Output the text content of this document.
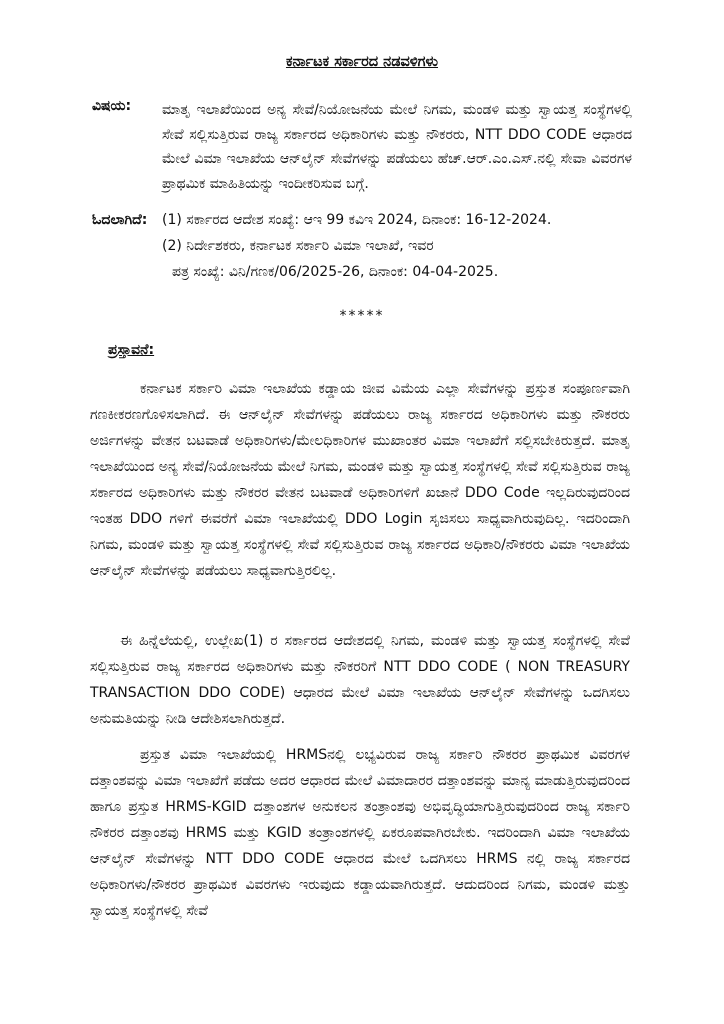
ಕರ್ನಾಟಕ ಸರ್ಕಾರದ ನಡವಳಿಗಳು
ವಿಷಯ: ಮಾತೃ ಇಲಾಖೆಯಿಂದ ಅನ್ಯ ಸೇವೆ/ನಿಯೋಜನೆಯ ಮೇಲೆ ನಿಗಮ, ಮಂಡಳಿ ಮತ್ತು ಸ್ವಾಯತ್ತ ಸಂಸ್ಥೆಗಳಲ್ಲಿ ಸೇವೆ ಸಲ್ಲಿಸುತ್ತಿರುವ ರಾಜ್ಯ ಸರ್ಕಾರದ ಅಧಿಕಾರಿಗಳು ಮತ್ತು ನೌಕರರು, NTT DDO CODE ಆಧಾರದ ಮೇಲೆ ವಿಮಾ ಇಲಾಖೆಯ ಆನ್‌ಲೈನ್ ಸೇವೆಗಳನ್ನು ಪಡೆಯಲು ಹೆಚ್.ಆರ್.ಎಂ.ಎಸ್.ನಲ್ಲಿ ಸೇವಾ ವಿವರಗಳ ಪ್ರಾಥಮಿಕ ಮಾಹಿತಿಯನ್ನು ಇಂದೀಕರಿಸುವ ಬಗ್ಗೆ.
ಓದಲಾಗಿದೆ: (1) ಸರ್ಕಾರದ ಆದೇಶ ಸಂಖ್ಯೆ: ಆಇ 99 ಕವಿಇ 2024, ದಿನಾಂಕ: 16-12-2024.
(2) ನಿರ್ದೇಶಕರು, ಕರ್ನಾಟಕ ಸರ್ಕಾರಿ ವಿಮಾ ಇಲಾಖೆ, ಇವರ
ಪತ್ರ ಸಂಖ್ಯೆ: ವಿನಿ/ಗಣಕ/06/2025-26, ದಿನಾಂಕ: 04-04-2025.
*****
ಪ್ರಸ್ತಾವನೆ:
ಕರ್ನಾಟಕ ಸರ್ಕಾರಿ ವಿಮಾ ಇಲಾಖೆಯ ಕಡ್ಡಾಯ ಜೀವ ವಿಮೆಯ ಎಲ್ಲಾ ಸೇವೆಗಳನ್ನು ಪ್ರಸ್ತುತ ಸಂಪೂರ್ಣವಾಗಿ ಗಣಕೀಕರಣಗೊಳಿಸಲಾಗಿದೆ. ಈ ಆನ್‌ಲೈನ್ ಸೇವೆಗಳನ್ನು ಪಡೆಯಲು ರಾಜ್ಯ ಸರ್ಕಾರದ ಅಧಿಕಾರಿಗಳು ಮತ್ತು ನೌಕರರು ಅರ್ಜಿಗಳನ್ನು ವೇತನ ಬಟವಾಡೆ ಅಧಿಕಾರಿಗಳು/ಮೇಲಧಿಕಾರಿಗಳ ಮುಖಾಂತರ ವಿಮಾ ಇಲಾಖೆಗೆ ಸಲ್ಲಿಸಬೇಕಿರುತ್ತದೆ. ಮಾತೃ ಇಲಾಖೆಯಿಂದ ಅನ್ಯ ಸೇವೆ/ನಿಯೋಜನೆಯ ಮೇಲೆ ನಿಗಮ, ಮಂಡಳಿ ಮತ್ತು ಸ್ವಾಯತ್ತ ಸಂಸ್ಥೆಗಳಲ್ಲಿ ಸೇವೆ ಸಲ್ಲಿಸುತ್ತಿರುವ ರಾಜ್ಯ ಸರ್ಕಾರದ ಅಧಿಕಾರಿಗಳು ಮತ್ತು ನೌಕರರ ವೇತನ ಬಟವಾಡೆ ಅಧಿಕಾರಿಗಳಿಗೆ ಖಜಾನೆ DDO Code ಇಲ್ಲದಿರುವುದರಿಂದ ಇಂತಹ DDO ಗಳಿಗೆ ಈವರೆಗೆ ವಿಮಾ ಇಲಾಖೆಯಲ್ಲಿ DDO Login ಸೃಜಿಸಲು ಸಾಧ್ಯವಾಗಿರುವುದಿಲ್ಲ. ಇದರಿಂದಾಗಿ ನಿಗಮ, ಮಂಡಳಿ ಮತ್ತು ಸ್ವಾಯತ್ತ ಸಂಸ್ಥೆಗಳಲ್ಲಿ ಸೇವೆ ಸಲ್ಲಿಸುತ್ತಿರುವ ರಾಜ್ಯ ಸರ್ಕಾರದ ಅಧಿಕಾರಿ/ನೌಕರರು ವಿಮಾ ಇಲಾಖೆಯ ಆನ್‌ಲೈನ್ ಸೇವೆಗಳನ್ನು ಪಡೆಯಲು ಸಾಧ್ಯವಾಗುತ್ತಿರಲಿಲ್ಲ.
ಈ ಹಿನ್ನೆಲೆಯಲ್ಲಿ, ಉಲ್ಲೇಖ(1) ರ ಸರ್ಕಾರದ ಆದೇಶದಲ್ಲಿ ನಿಗಮ, ಮಂಡಳಿ ಮತ್ತು ಸ್ವಾಯತ್ತ ಸಂಸ್ಥೆಗಳಲ್ಲಿ ಸೇವೆ ಸಲ್ಲಿಸುತ್ತಿರುವ ರಾಜ್ಯ ಸರ್ಕಾರದ ಅಧಿಕಾರಿಗಳು ಮತ್ತು ನೌಕರರಿಗೆ NTT DDO CODE ( NON TREASURY TRANSACTION DDO CODE) ಆಧಾರದ ಮೇಲೆ ವಿಮಾ ಇಲಾಖೆಯ ಆನ್‌ಲೈನ್ ಸೇವೆಗಳನ್ನು ಒದಗಿಸಲು ಅನುಮತಿಯನ್ನು ನೀಡಿ ಆದೇಶಿಸಲಾಗಿರುತ್ತದೆ.
ಪ್ರಸ್ತುತ ವಿಮಾ ಇಲಾಖೆಯಲ್ಲಿ HRMSನಲ್ಲಿ ಲಭ್ಯವಿರುವ ರಾಜ್ಯ ಸರ್ಕಾರಿ ನೌಕರರ ಪ್ರಾಥಮಿಕ ವಿವರಗಳ ದತ್ತಾಂಶವನ್ನು ವಿಮಾ ಇಲಾಖೆಗೆ ಪಡೆದು ಅದರ ಆಧಾರದ ಮೇಲೆ ವಿಮಾದಾರರ ದತ್ತಾಂಶವನ್ನು ಮಾನ್ಯ ಮಾಡುತ್ತಿರುವುದರಿಂದ ಹಾಗೂ ಪ್ರಸ್ತುತ HRMS-KGID ದತ್ತಾಂಶಗಳ ಅನುಕಲನ ತಂತ್ರಾಂಶವು ಅಭಿವೃದ್ಧಿಯಾಗುತ್ತಿರುವುದರಿಂದ ರಾಜ್ಯ ಸರ್ಕಾರಿ ನೌಕರರ ದತ್ತಾಂಶವು HRMS ಮತ್ತು KGID ತಂತ್ರಾಂಶಗಳಲ್ಲಿ ಏಕರೂಪವಾಗಿರಬೇಕು. ಇದರಿಂದಾಗಿ ವಿಮಾ ಇಲಾಖೆಯ ಆನ್‌ಲೈನ್ ಸೇವೆಗಳನ್ನು NTT DDO CODE ಆಧಾರದ ಮೇಲೆ ಒದಗಿಸಲು HRMS ನಲ್ಲಿ ರಾಜ್ಯ ಸರ್ಕಾರದ ಅಧಿಕಾರಿಗಳು/ನೌಕರರ ಪ್ರಾಥಮಿಕ ವಿವರಗಳು ಇರುವುದು ಕಡ್ಡಾಯವಾಗಿರುತ್ತದೆ. ಆದುದರಿಂದ ನಿಗಮ, ಮಂಡಳಿ ಮತ್ತು ಸ್ವಾಯತ್ತ ಸಂಸ್ಥೆಗಳಲ್ಲಿ ಸೇವೆ
